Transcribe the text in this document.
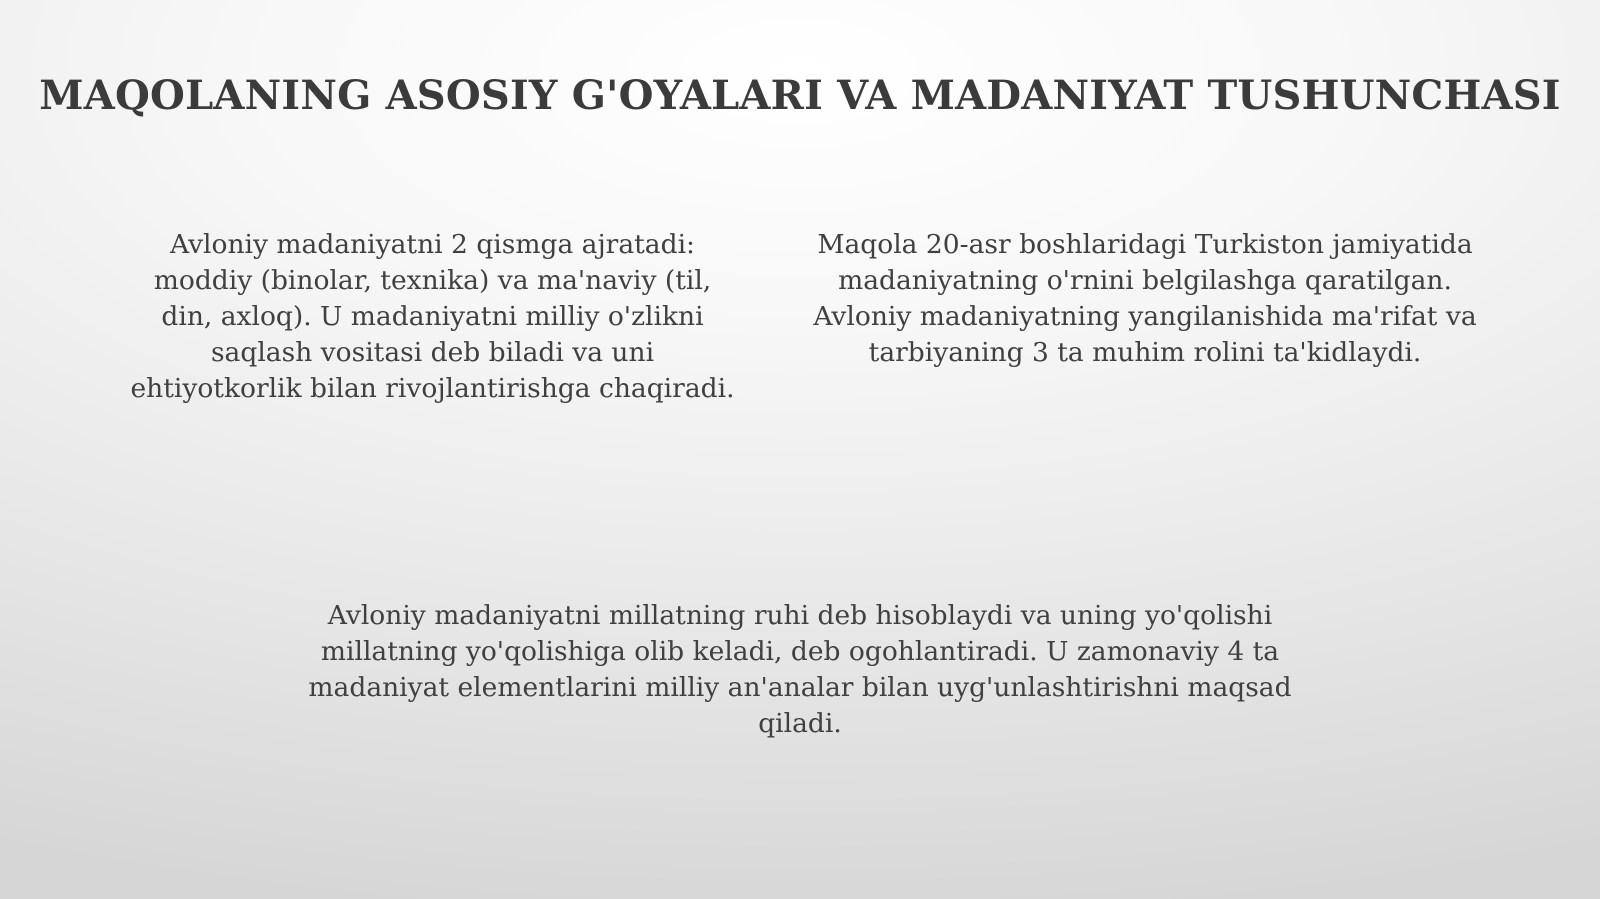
MAQOLANING ASOSIY G'OYALARI VA MADANIYAT TUSHUNCHASI

Avloniy madaniyatni 2 qismga ajratadi: moddiy (binolar, texnika) va ma'naviy (til, din, axloq). U madaniyatni milliy o'zlikni saqlash vositasi deb biladi va uni ehtiyotkorlik bilan rivojlantirishga chaqiradi.

Maqola 20-asr boshlaridagi Turkiston jamiyatida madaniyatning o'rnini belgilashga qaratilgan. Avloniy madaniyatning yangilanishida ma'rifat va tarbiyaning 3 ta muhim rolini ta'kidlaydi.

Avloniy madaniyatni millatning ruhi deb hisoblaydi va uning yo'qolishi millatning yo'qolishiga olib keladi, deb ogohlantiradi. U zamonaviy 4 ta madaniyat elementlarini milliy an'analar bilan uyg'unlashtirishni maqsad qiladi.
